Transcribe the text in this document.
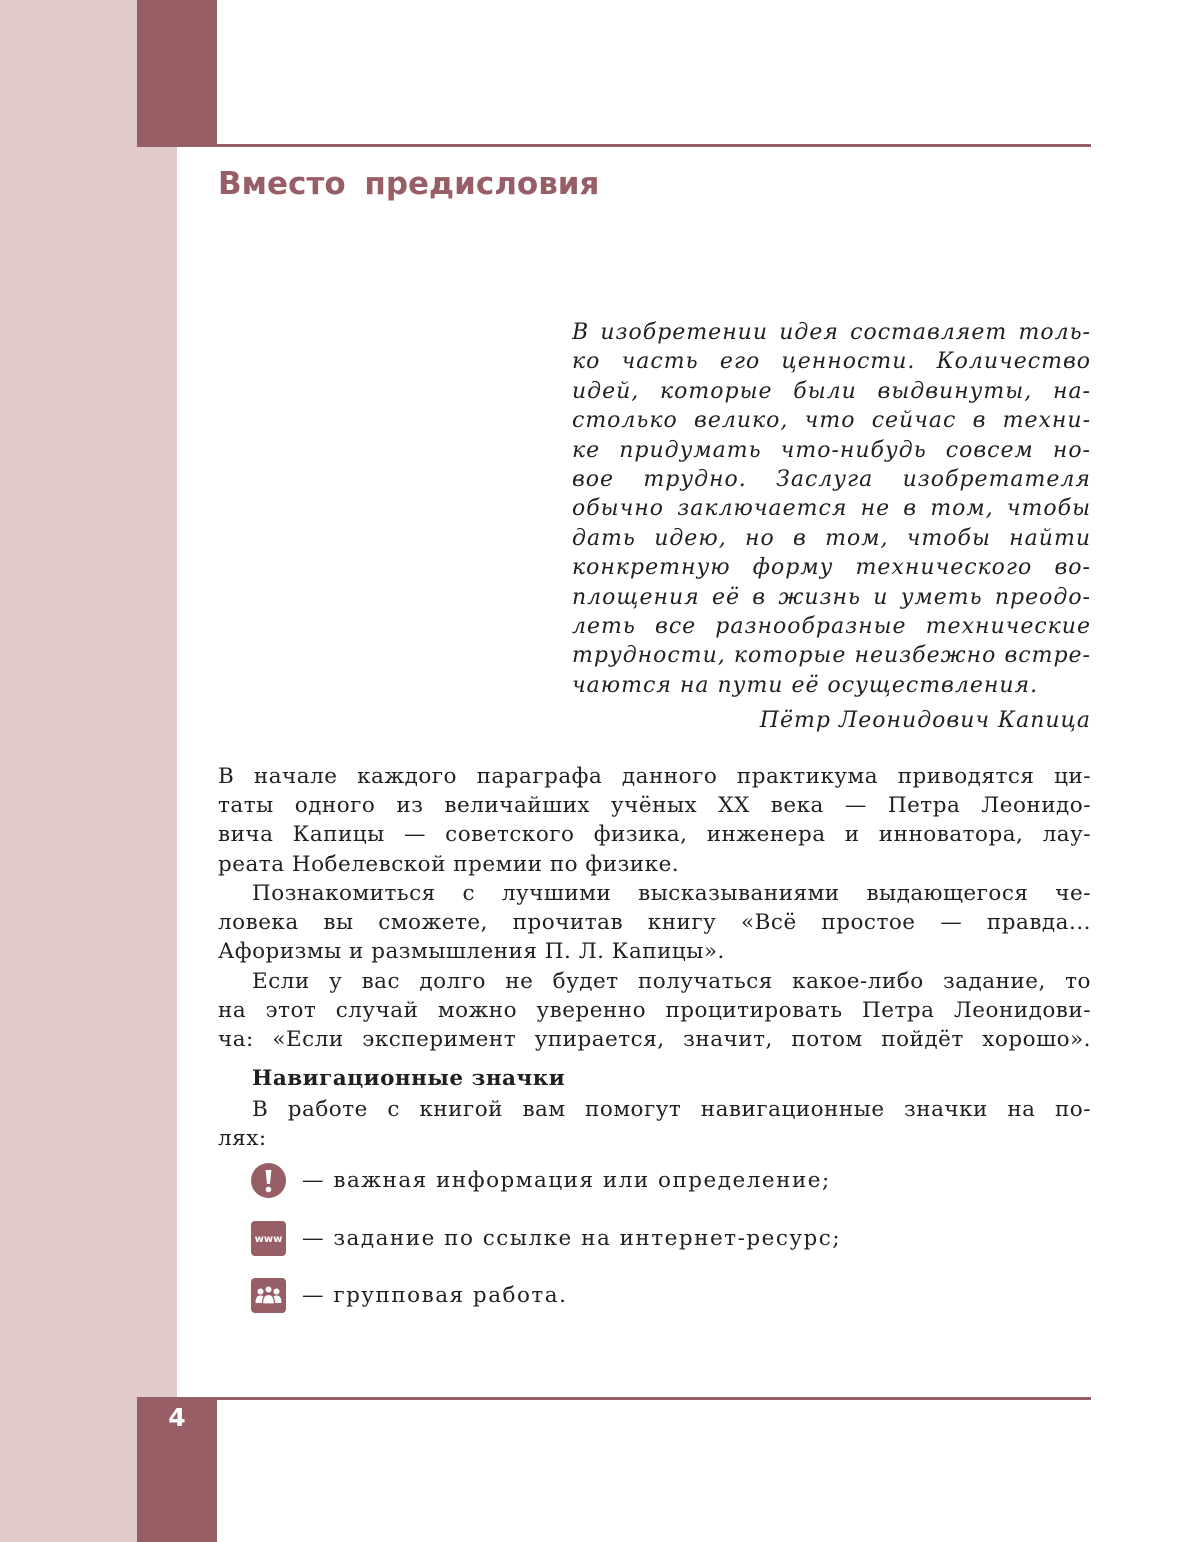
4
Вместо предисловия
В изобретении идея составляет толь-
ко часть его ценности. Количество
идей, которые были выдвинуты, на-
столько велико, что сейчас в техни-
ке придумать что-нибудь совсем но-
вое трудно. Заслуга изобретателя
обычно заключается не в том, чтобы
дать идею, но в том, чтобы найти
конкретную форму технического во-
площения её в жизнь и уметь преодо-
леть все разнообразные технические
трудности, которые неизбежно встре-
чаются на пути её осуществления.
Пётр Леонидович Капица
В начале каждого параграфа данного практикума приводятся ци-
таты одного из величайших учёных XX века — Петра Леонидо-
вича Капицы — советского физика, инженера и инноватора, лау-
реата Нобелевской премии по физике.
Познакомиться с лучшими высказываниями выдающегося че-
ловека вы сможете, прочитав книгу «Всё простое — правда...
Афоризмы и размышления П. Л. Капицы».
Если у вас долго не будет получаться какое-либо задание, то
на этот случай можно уверенно процитировать Петра Леонидови-
ча: «Если эксперимент упирается, значит, потом пойдёт хорошо».
Навигационные значки
В работе с книгой вам помогут навигационные значки на по-
лях:
— важная информация или определение;
www — задание по ссылке на интернет-ресурс;
— групповая работа.
